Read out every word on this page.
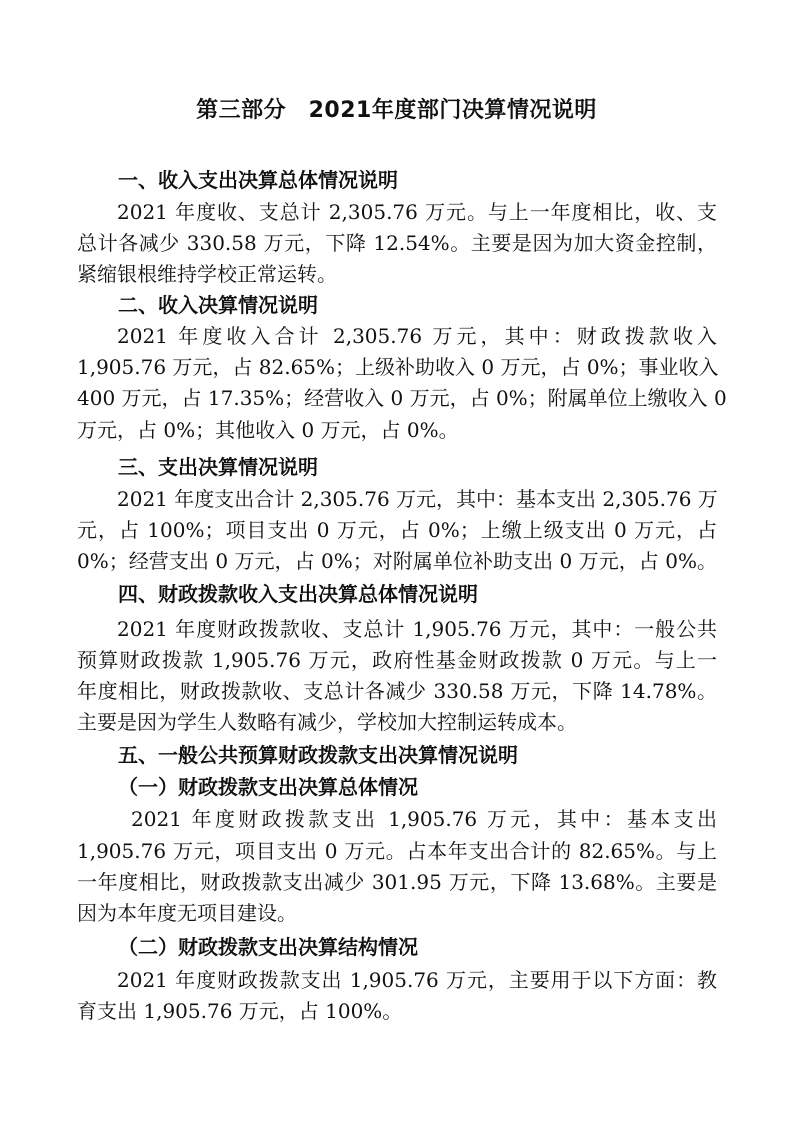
第三部分　2021年度部门决算情况说明
一、收入支出决算总体情况说明
2021 年度收、支总计 2,305.76 万元。与上一年度相比，收、支
总计各减少 330.58 万元，下降 12.54%。主要是因为加大资金控制，
紧缩银根维持学校正常运转。
二、收入决算情况说明
2021 年度收入合计 2,305.76 万元，其中：财政拨款收入
1,905.76 万元，占 82.65%；上级补助收入 0 万元，占 0%；事业收入
400 万元，占 17.35%；经营收入 0 万元，占 0%；附属单位上缴收入 0
万元，占 0%；其他收入 0 万元，占 0%。
三、支出决算情况说明
2021 年度支出合计 2,305.76 万元，其中：基本支出 2,305.76 万
元，占 100%；项目支出 0 万元，占 0%；上缴上级支出 0 万元，占
0%；经营支出 0 万元，占 0%；对附属单位补助支出 0 万元，占 0%。
四、财政拨款收入支出决算总体情况说明
2021 年度财政拨款收、支总计 1,905.76 万元，其中：一般公共
预算财政拨款 1,905.76 万元，政府性基金财政拨款 0 万元。与上一
年度相比，财政拨款收、支总计各减少 330.58 万元，下降 14.78%。
主要是因为学生人数略有减少，学校加大控制运转成本。
五、一般公共预算财政拨款支出决算情况说明
（一）财政拨款支出决算总体情况
2021 年度财政拨款支出 1,905.76 万元，其中：基本支出
1,905.76 万元，项目支出 0 万元。占本年支出合计的 82.65%。与上
一年度相比，财政拨款支出减少 301.95 万元，下降 13.68%。主要是
因为本年度无项目建设。
（二）财政拨款支出决算结构情况
2021 年度财政拨款支出 1,905.76 万元，主要用于以下方面：教
育支出 1,905.76 万元，占 100%。
